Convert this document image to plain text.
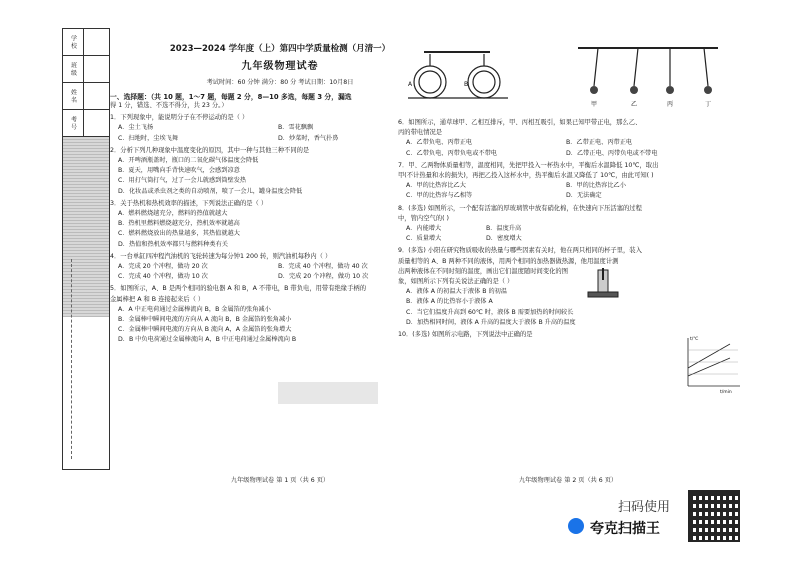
学 校
班 级
姓 名
考 号
2023—2024 学年度（上）第四中学质量检测（月清一）
九年级物理试卷
考试时间：60 分钟 满分：80 分 考试日期：10月8日
一、选择题：（共 10 题，1～7 题，每题 2 分，8—10 多选，每题 3 分，漏选
得 1 分，错选、不选不得分，共 23 分。）
1．下列现象中，能说明分子在不停运动的是（ ）
A．尘土飞扬	B．雪花飘飘
C．扫地时，尘埃飞舞	D．炒菜时，香气扑鼻
2．分析下列几种现象中温度变化的原因，其中一种与其他三种不同的是
A．开啤酒瓶盖时，瓶口的二氧化碳气体温度会降低
B．夏天，用嘴向手背快速吹气，会感到凉意
C．用打气筒打气，过了一会儿就感到筒壁发热
D．化妆品或杀虫剂之类的自动喷剂，喷了一会儿，罐身温度会降低
3．关于热机和热机效率的描述，下列说法正确的是（ ）
A．燃料燃烧越充分，燃料的热值就越大
B．热机里燃料燃烧越充分，热机效率就越高
C．燃料燃烧放出的热量越多，其热值就越大
D．热值和热机效率都只与燃料种类有关
4．一台单缸四冲程汽油机的飞轮转速为每分钟1 200 转，则汽油机每秒内（ ）
A．完成 20 个冲程，做功 20 次	B．完成 40 个冲程，做功 40 次
C．完成 40 个冲程，做功 10 次	D．完成 20 个冲程，做功 10 次
5．如图所示，A、B 是两个相同的验电器 A 和 B，A 不带电，B 带负电，用带有绝缘手柄的
金属棒把 A 和 B 连接起来后（ ）
A．A 中正电荷通过金属棒流向 B，B 金属箔的张角减小
B．金属棒中瞬间电流的方向从 A 流向 B，B 金属箔的张角减小
C．金属棒中瞬间电流的方向从 B 流向 A，A 金属箔的张角增大
D．B 中负电荷通过金属棒流向 A，B 中正电荷通过金属棒流向 B
九年级物理试卷 第 1 页（共 6 页）
A	B
甲	乙	丙	丁
6．如图所示，通草球甲、乙相互排斥，甲、丙相互吸引，如果已知甲带正电，那么乙、
丙的带电情况是
A．乙带负电、丙带正电	B．乙带正电、丙带正电
C．乙带负电、丙带负电或不带电	D．乙带正电、丙带负电或不带电
7．甲、乙两物体质量相等，温度相同，先把甲投入一杯热水中，平衡后水温降低 10℃，取出
甲(不计热量和水的损失)，再把乙投入这杯水中，热平衡后水温又降低了 10℃，由此可知( )
A．甲的比热容比乙大	B．甲的比热容比乙小
C．甲的比热容与乙相等	D．无法确定
8．(多选) 如图所示，一个配有活塞的厚玻璃管中放有硝化棉，在快速向下压活塞的过程
中，管内空气的( )
A．内能增大	B．温度升高
C．质量增大	D．密度增大
9．(多选) 小阳在研究物质吸收的热量与哪些因素有关时，他在两只相同的杯子里，装入
质量相等的 A、B 两种不同的液体，用两个相同的加热器做热源，他用温度计测
出两种液体在不同时刻的温度，画出它们温度随时间变化的图
象，如图所示下列有关说法正确的是（ ）
A．液体 A 的初温大于液体 B 的初温
B．液体 A 的比热容小于液体 A
C．当它们温度升高到 60℃ 时，液体 B 需要加热的时间较长
D．加热相同时间，液体 A 升高的温度大于液体 B 升高的温度
10．(多选) 如图所示电路，下列说法中正确的是
t/℃
t/min
九年级物理试卷 第 2 页（共 6 页）
扫码使用
夸克扫描王
